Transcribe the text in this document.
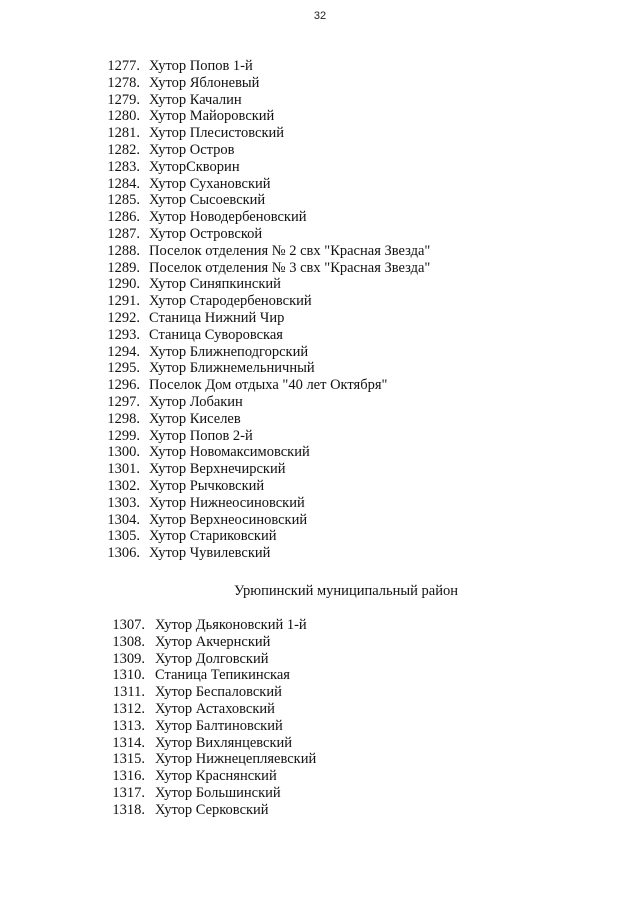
32
1277. Хутор Попов 1-й
1278. Хутор Яблоневый
1279. Хутор Качалин
1280. Хутор Майоровский
1281. Хутор Плесистовский
1282. Хутор Остров
1283. ХуторСкворин
1284. Хутор Сухановский
1285. Хутор Сысоевский
1286. Хутор Новодербеновский
1287. Хутор Островской
1288. Поселок отделения № 2 свх "Красная Звезда"
1289. Поселок отделения № 3 свх "Красная Звезда"
1290. Хутор Синяпкинский
1291. Хутор Стародербеновский
1292. Станица Нижний Чир
1293. Станица Суворовская
1294. Хутор Ближнеподгорский
1295. Хутор Ближнемельничный
1296. Поселок Дом отдыха "40 лет Октября"
1297. Хутор Лобакин
1298. Хутор Киселев
1299. Хутор Попов 2-й
1300. Хутор Новомаксимовский
1301. Хутор Верхнечирский
1302. Хутор Рычковский
1303. Хутор Нижнеосиновский
1304. Хутор Верхнеосиновский
1305. Хутор Стариковский
1306. Хутор Чувилевский
Урюпинский муниципальный район
1307. Хутор Дьяконовский 1-й
1308. Хутор Акчернский
1309. Хутор Долговский
1310. Станица Тепикинская
1311. Хутор Беспаловский
1312. Хутор Астаховский
1313. Хутор Балтиновский
1314. Хутор Вихлянцевский
1315. Хутор Нижнецепляевский
1316. Хутор Краснянский
1317. Хутор Большинский
1318. Хутор Серковский
